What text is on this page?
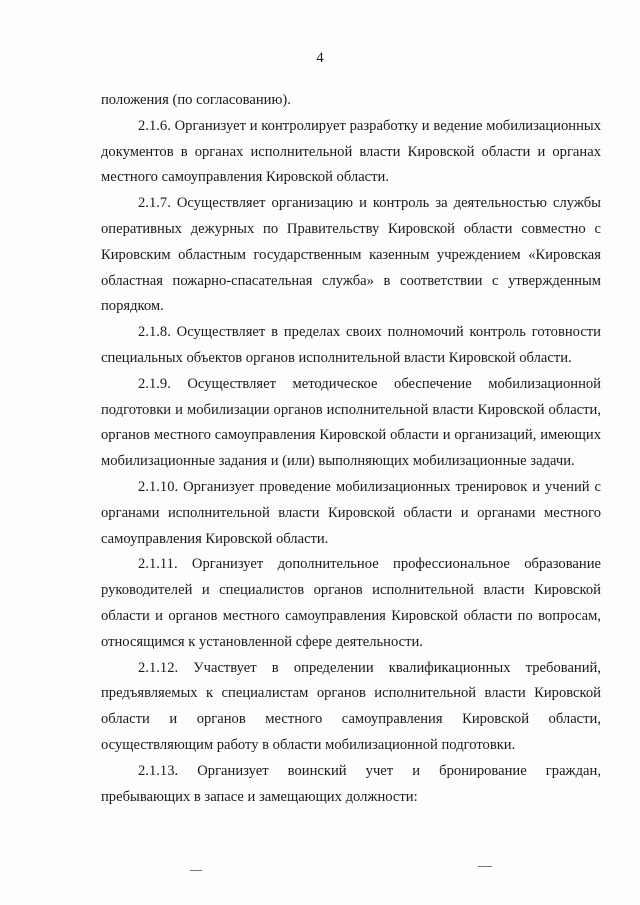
4

положения (по согласованию).

2.1.6. Организует и контролирует разработку и ведение мобилизационных документов в органах исполнительной власти Кировской области и органах местного самоуправления Кировской области.

2.1.7. Осуществляет организацию и контроль за деятельностью службы оперативных дежурных по Правительству Кировской области совместно с Кировским областным государственным казенным учреждением «Кировская областная пожарно-спасательная служба» в соответствии с утвержденным порядком.

2.1.8. Осуществляет в пределах своих полномочий контроль готовности специальных объектов органов исполнительной власти Кировской области.

2.1.9. Осуществляет методическое обеспечение мобилизационной подготовки и мобилизации органов исполнительной власти Кировской области, органов местного самоуправления Кировской области и организаций, имеющих мобилизационные задания и (или) выполняющих мобилизационные задачи.

2.1.10. Организует проведение мобилизационных тренировок и учений с органами исполнительной власти Кировской области и органами местного самоуправления Кировской области.

2.1.11. Организует дополнительное профессиональное образование руководителей и специалистов органов исполнительной власти Кировской области и органов местного самоуправления Кировской области по вопросам, относящимся к установленной сфере деятельности.

2.1.12. Участвует в определении квалификационных требований, предъявляемых к специалистам органов исполнительной власти Кировской области и органов местного самоуправления Кировской области, осуществляющим работу в области мобилизационной подготовки.

2.1.13. Организует воинский учет и бронирование граждан, пребывающих в запасе и замещающих должности:
